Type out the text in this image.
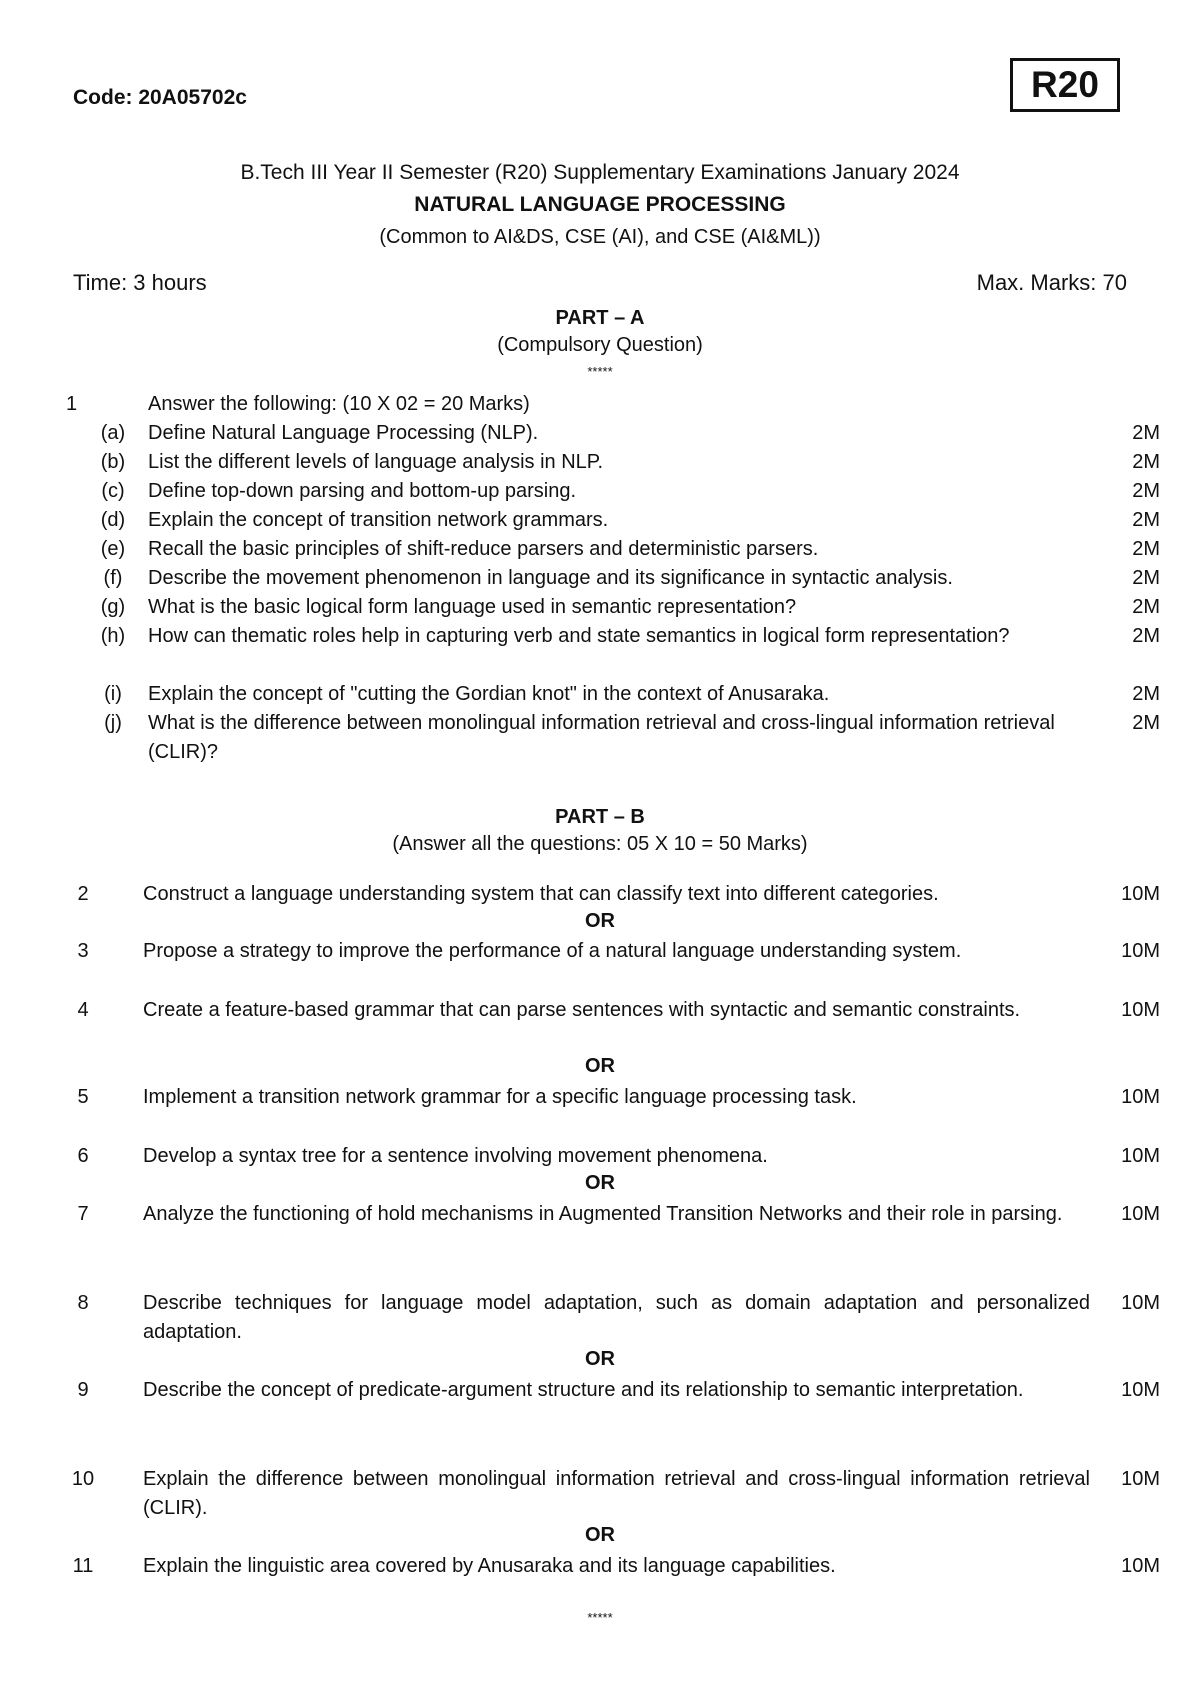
Code: 20A05702c	R20
B.Tech III Year II Semester (R20) Supplementary Examinations January 2024
NATURAL LANGUAGE PROCESSING
(Common to AI&DS, CSE (AI), and CSE (AI&ML))
Time: 3 hours	Max. Marks: 70
PART – A
(Compulsory Question)
*****
1	Answer the following: (10 X 02 = 20 Marks)
(a) Define Natural Language Processing (NLP).	2M
(b) List the different levels of language analysis in NLP.	2M
(c) Define top-down parsing and bottom-up parsing.	2M
(d) Explain the concept of transition network grammars.	2M
(e) Recall the basic principles of shift-reduce parsers and deterministic parsers.	2M
(f) Describe the movement phenomenon in language and its significance in syntactic analysis.	2M
(g) What is the basic logical form language used in semantic representation?	2M
(h) How can thematic roles help in capturing verb and state semantics in logical form representation?	2M
(i)	Explain the concept of "cutting the Gordian knot" in the context of Anusaraka.	2M
(j)	What is the difference between monolingual information retrieval and cross-lingual information retrieval (CLIR)?
2M
PART – B
(Answer all the questions: 05 X 10 = 50 Marks)
2	Construct a language understanding system that can classify text into different categories.	10M
OR
3	Propose a strategy to improve the performance of a natural language understanding system.	10M
4	Create a feature-based grammar that can parse sentences with syntactic and semantic constraints.	10M
OR
5	Implement a transition network grammar for a specific language processing task.	10M
6	Develop a syntax tree for a sentence involving movement phenomena.	10M
OR
7	Analyze the functioning of hold mechanisms in Augmented Transition Networks and their role in parsing.	10M
8	Describe techniques for language model adaptation, such as domain adaptation and personalized adaptation.
10M
OR
9	Describe the concept of predicate-argument structure and its relationship to semantic interpretation.	10M
10	Explain the difference between monolingual information retrieval and cross-lingual information retrieval (CLIR).
10M
OR
11	Explain the linguistic area covered by Anusaraka and its language capabilities.	10M
*****
